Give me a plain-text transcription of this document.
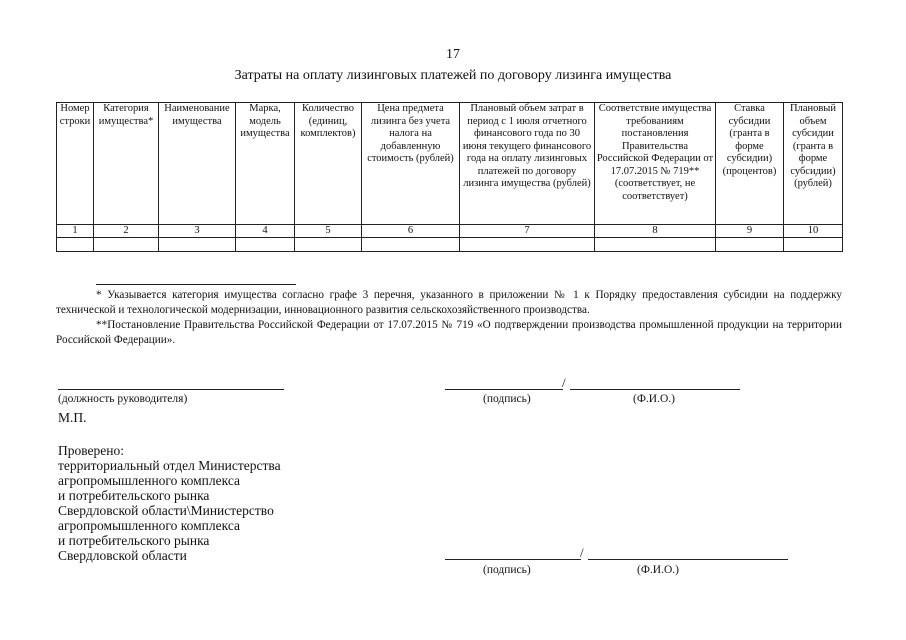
17
Затраты на оплату лизинговых платежей по договору лизинга имущества
Номер строки	Категория имущества*	Наименование имущества	Марка, модель имущества	Количество (единиц, комплектов)	Цена предмета лизинга без учета налога на добавленную стоимость (рублей)	Плановый объем затрат в период с 1 июля отчетного финансового года по 30 июня текущего финансового года на оплату лизинговых платежей по договору лизинга имущества (рублей)	Соответствие имущества требованиям постановления Правительства Российской Федерации от 17.07.2015 № 719** (соответствует, не соответствует)	Ставка субсидии (гранта в форме субсидии) (процентов)	Плановый объем субсидии (гранта в форме субсидии) (рублей)
1	2	3	4	5	6	7	8	9	10

* Указывается категория имущества согласно графе 3 перечня, указанного в приложении № 1 к Порядку предоставления субсидии на поддержку технической и технологической модернизации, инновационного развития сельскохозяйственного производства.
**Постановление Правительства Российской Федерации от 17.07.2015 № 719 «О подтверждении производства промышленной продукции на территории Российской Федерации».
/
(должность руководителя)	(подпись)	(Ф.И.О.)
М.П.
Проверено:
территориальный отдел Министерства
агропромышленного комплекса
и потребительского рынка
Свердловской области\Министерство
агропромышленного комплекса
и потребительского рынка
Свердловской области	/
(подпись)	(Ф.И.О.)
